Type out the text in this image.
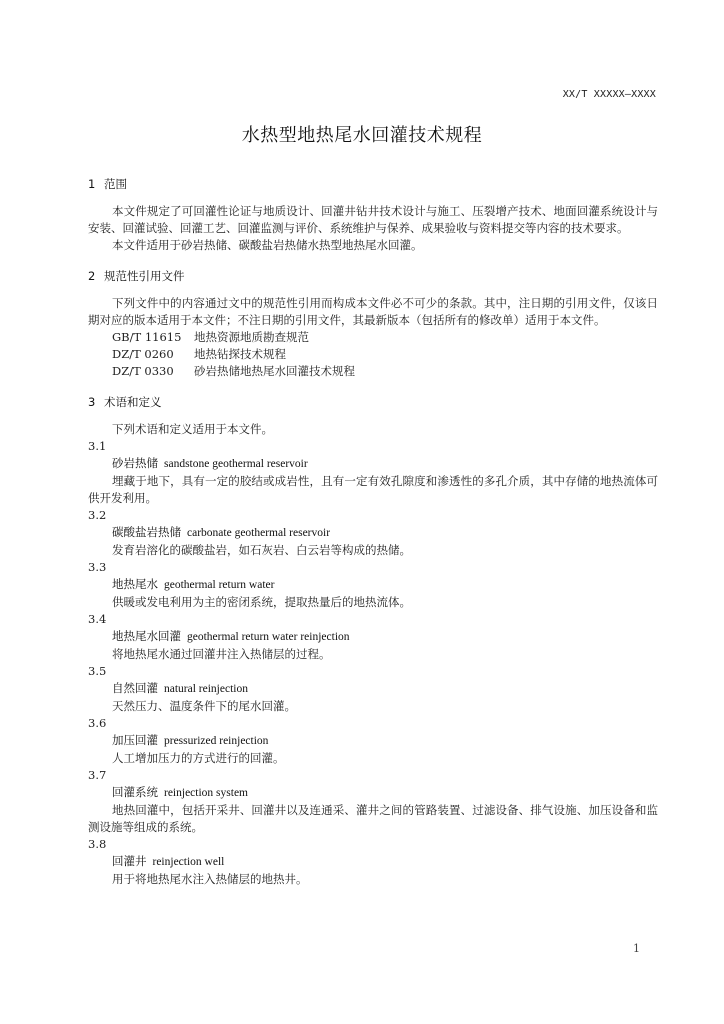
XX/T XXXXX—XXXX
水热型地热尾水回灌技术规程

1 范围

本文件规定了可回灌性论证与地质设计、回灌井钻井技术设计与施工、压裂增产技术、地面回灌系统设计与安装、回灌试验、回灌工艺、回灌监测与评价、系统维护与保养、成果验收与资料提交等内容的技术要求。

本文件适用于砂岩热储、碳酸盐岩热储水热型地热尾水回灌。

2 规范性引用文件

下列文件中的内容通过文中的规范性引用而构成本文件必不可少的条款。其中，注日期的引用文件，仅该日期对应的版本适用于本文件；不注日期的引用文件，其最新版本（包括所有的修改单）适用于本文件。

GB/T 11615 地热资源地质勘查规范
DZ/T 0260 地热钻探技术规程
DZ/T 0330 砂岩热储地热尾水回灌技术规程

3 术语和定义

下列术语和定义适用于本文件。

3.1

砂岩热储 sandstone geothermal reservoir

埋藏于地下，具有一定的胶结或成岩性，且有一定有效孔隙度和渗透性的多孔介质，其中存储的地热流体可供开发利用。

3.2

碳酸盐岩热储 carbonate geothermal reservoir

发育岩溶化的碳酸盐岩，如石灰岩、白云岩等构成的热储。

3.3

地热尾水 geothermal return water

供暖或发电利用为主的密闭系统，提取热量后的地热流体。

3.4

地热尾水回灌 geothermal return water reinjection

将地热尾水通过回灌井注入热储层的过程。

3.5

自然回灌 natural reinjection

天然压力、温度条件下的尾水回灌。

3.6

加压回灌 pressurized reinjection

人工增加压力的方式进行的回灌。

3.7

回灌系统 reinjection system

地热回灌中，包括开采井、回灌井以及连通采、灌井之间的管路装置、过滤设备、排气设施、加压设备和监测设施等组成的系统。

3.8

回灌井 reinjection well

用于将地热尾水注入热储层的地热井。

1
